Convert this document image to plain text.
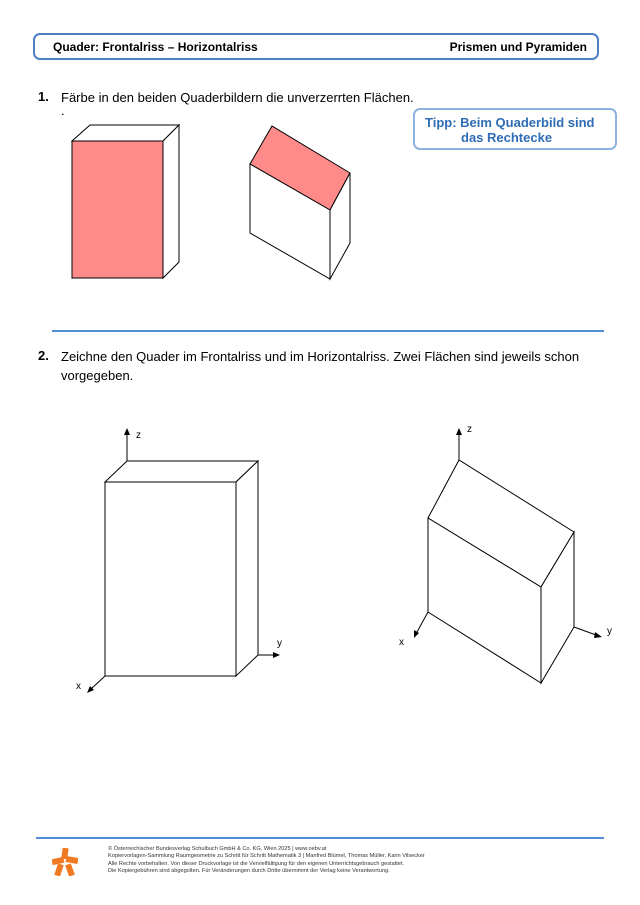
Quader: Frontalriss – Horizontalriss	Prismen und Pyramiden
1. Färbe in den beiden Quaderbildern die unverzerrten Flächen.
.
Tipp: Beim Quaderbild sind
das Rechtecke
z
y
x
z
y
x
2. Zeichne den Quader im Frontalriss und im Horizontalriss. Zwei Flächen sind jeweils schon vorgegeben.
© Österreichischer Bundesverlag Schulbuch GmbH & Co. KG, Wien 2025 | www.oebv.at
Kopiervorlagen-Sammlung Raumgeometrie zu Schritt für Schritt Mathematik 3 | Manfred Blümel, Thomas Müller, Karin Vilsecker
Alle Rechte vorbehalten. Von dieser Druckvorlage ist die Vervielfältigung für den eigenen Unterrichtsgebrauch gestattet.
Die Kopiergebühren sind abgegolten. Für Veränderungen durch Dritte übernimmt der Verlag keine Verantwortung.
